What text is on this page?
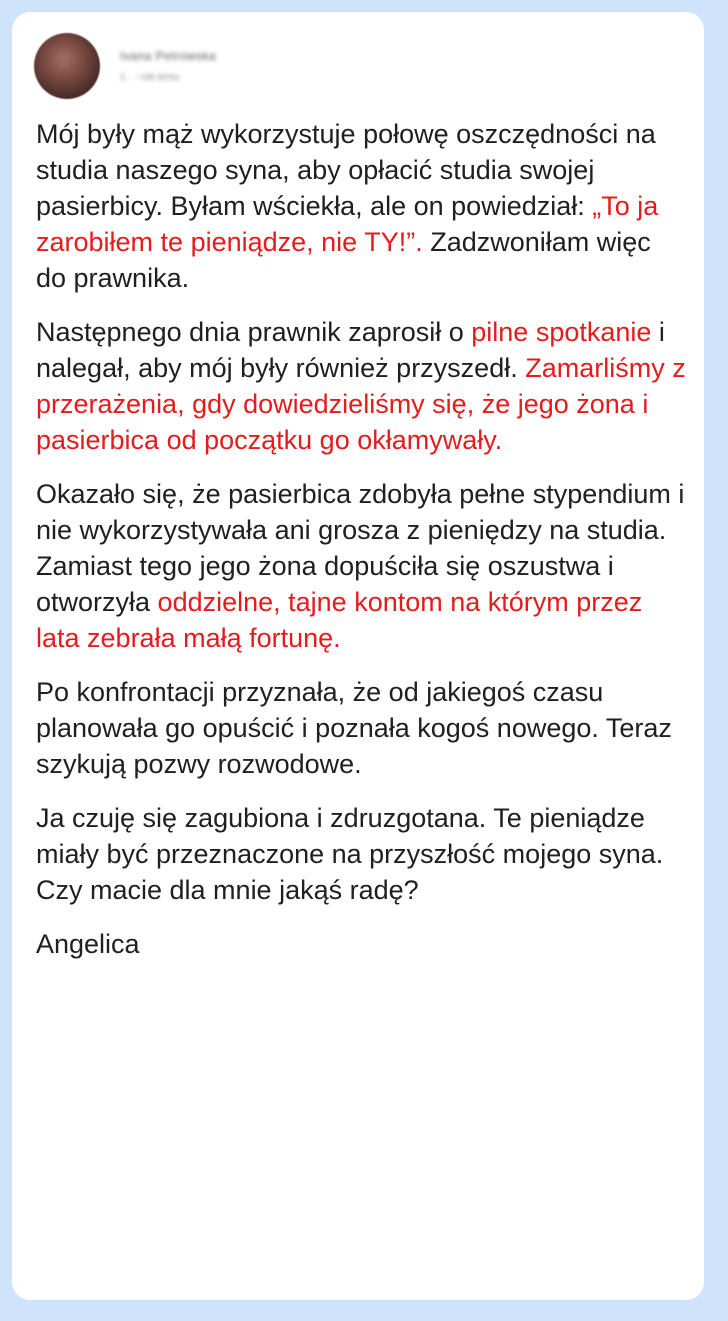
Ivana Petrowska
1 · ‑ rok temu

Mój były mąż wykorzystuje połowę oszczędności na studia naszego syna, aby opłacić studia swojej pasierbicy. Byłam wściekła, ale on powiedział: „To ja zarobiłem te pieniądze, nie TY!”. Zadzwoniłam więc do prawnika.

Następnego dnia prawnik zaprosił o pilne spotkanie i nalegał, aby mój były również przyszedł. Zamarliśmy z przerażenia, gdy dowiedzieliśmy się, że jego żona i pasierbica od początku go okłamywały.

Okazało się, że pasierbica zdobyła pełne stypendium i nie wykorzystywała ani grosza z pieniędzy na studia. Zamiast tego jego żona dopuściła się oszustwa i otworzyła oddzielne, tajne kontom na którym przez lata zebrała małą fortunę.

Po konfrontacji przyznała, że od jakiegoś czasu planowała go opuścić i poznała kogoś nowego. Teraz szykują pozwy rozwodowe.

Ja czuję się zagubiona i zdruzgotana. Te pieniądze miały być przeznaczone na przyszłość mojego syna. Czy macie dla mnie jakąś radę?

Angelica
